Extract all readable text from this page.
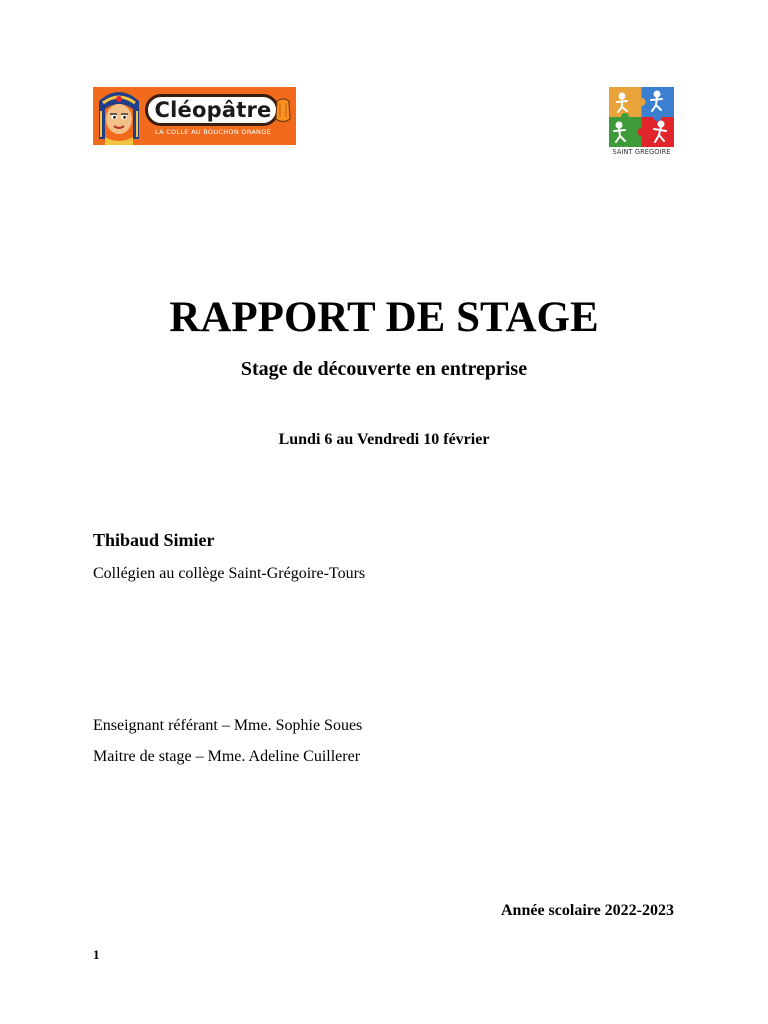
Cléopâtre
LA COLLE AU BOUCHON ORANGE
SAINT GREGOIRE
RAPPORT DE STAGE
Stage de découverte en entreprise
Lundi 6 au Vendredi 10 février
Thibaud Simier
Collégien au collège Saint-Grégoire-Tours
Enseignant référant – Mme. Sophie Soues
Maitre de stage – Mme. Adeline Cuillerer
Année scolaire 2022-2023
1
